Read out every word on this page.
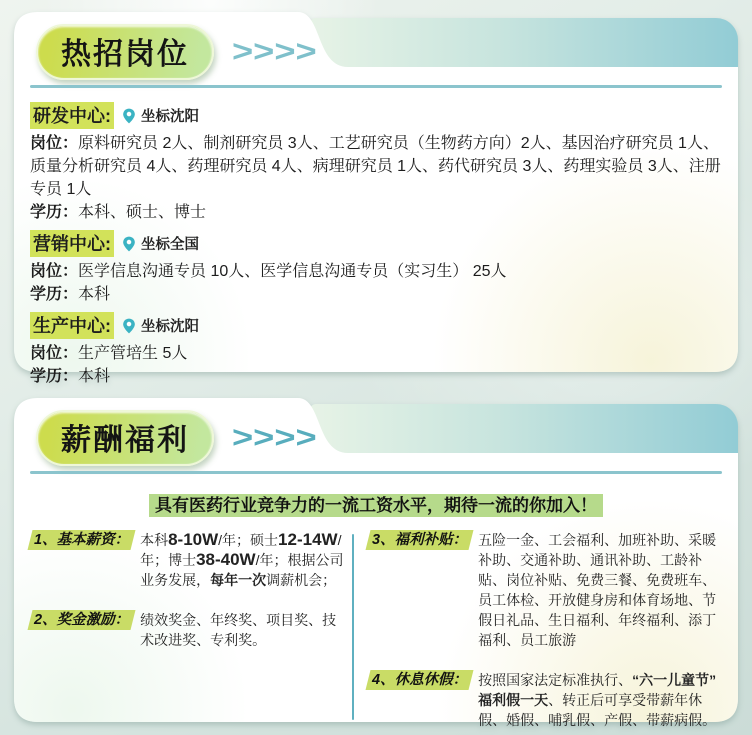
热招岗位	>>>>
研发中心: 坐标沈阳
岗位：原料研究员 2人、制剂研究员 3人、工艺研究员（生物药方向）2人、基因治疗研究员 1人、质量分析研究员 4人、药理研究员 4人、病理研究员 1人、药代研究员 3人、药理实验员 3人、注册专员 1人
学历：本科、硕士、博士
营销中心: 坐标全国
岗位：医学信息沟通专员 10人、医学信息沟通专员（实习生） 25人
学历：本科
生产中心: 坐标沈阳
岗位：生产管培生 5人
学历：本科
薪酬福利	>>>>
具有医药行业竞争力的一流工资水平，期待一流的你加入！
1、基本薪资： 本科8-10W/年；硕士12-14W/年；博士38-40W/年；根据公司业务发展，每年一次调薪机会；
2、奖金激励： 绩效奖金、年终奖、项目奖、技术改进奖、专利奖。
3、福利补贴： 五险一金、工会福利、加班补助、采暖补助、交通补助、通讯补助、工龄补贴、岗位补贴、免费三餐、免费班车、员工体检、开放健身房和体育场地、节假日礼品、生日福利、年终福利、添丁福利、员工旅游
4、休息休假： 按照国家法定标准执行、“六一儿童节” 福利假一天、转正后可享受带薪年休假、婚假、哺乳假、产假、带薪病假。
